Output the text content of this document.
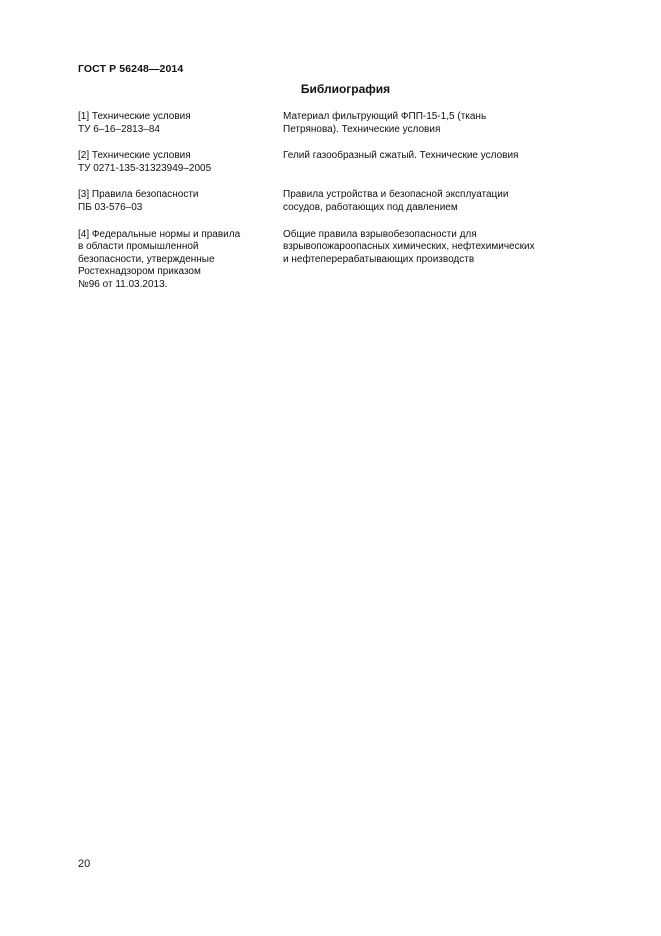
ГОСТ Р 56248—2014
Библиография
[1] Технические условия
ТУ 6–16–2813–84
Материал фильтрующий ФПП-15-1,5 (ткань
Петрянова). Технические условия
[2] Технические условия
ТУ 0271-135-31323949–2005
Гелий газообразный сжатый. Технические условия
[3] Правила безопасности
ПБ 03-576–03
Правила устройства и безопасной эксплуатации
сосудов, работающих под давлением
[4] Федеральные нормы и правила
в области промышленной
безопасности, утвержденные
Ростехнадзором приказом
№96 от 11.03.2013.
Общие правила взрывобезопасности для
взрывопожароопасных химических, нефтехимических
и нефтеперерабатывающих производств
20
